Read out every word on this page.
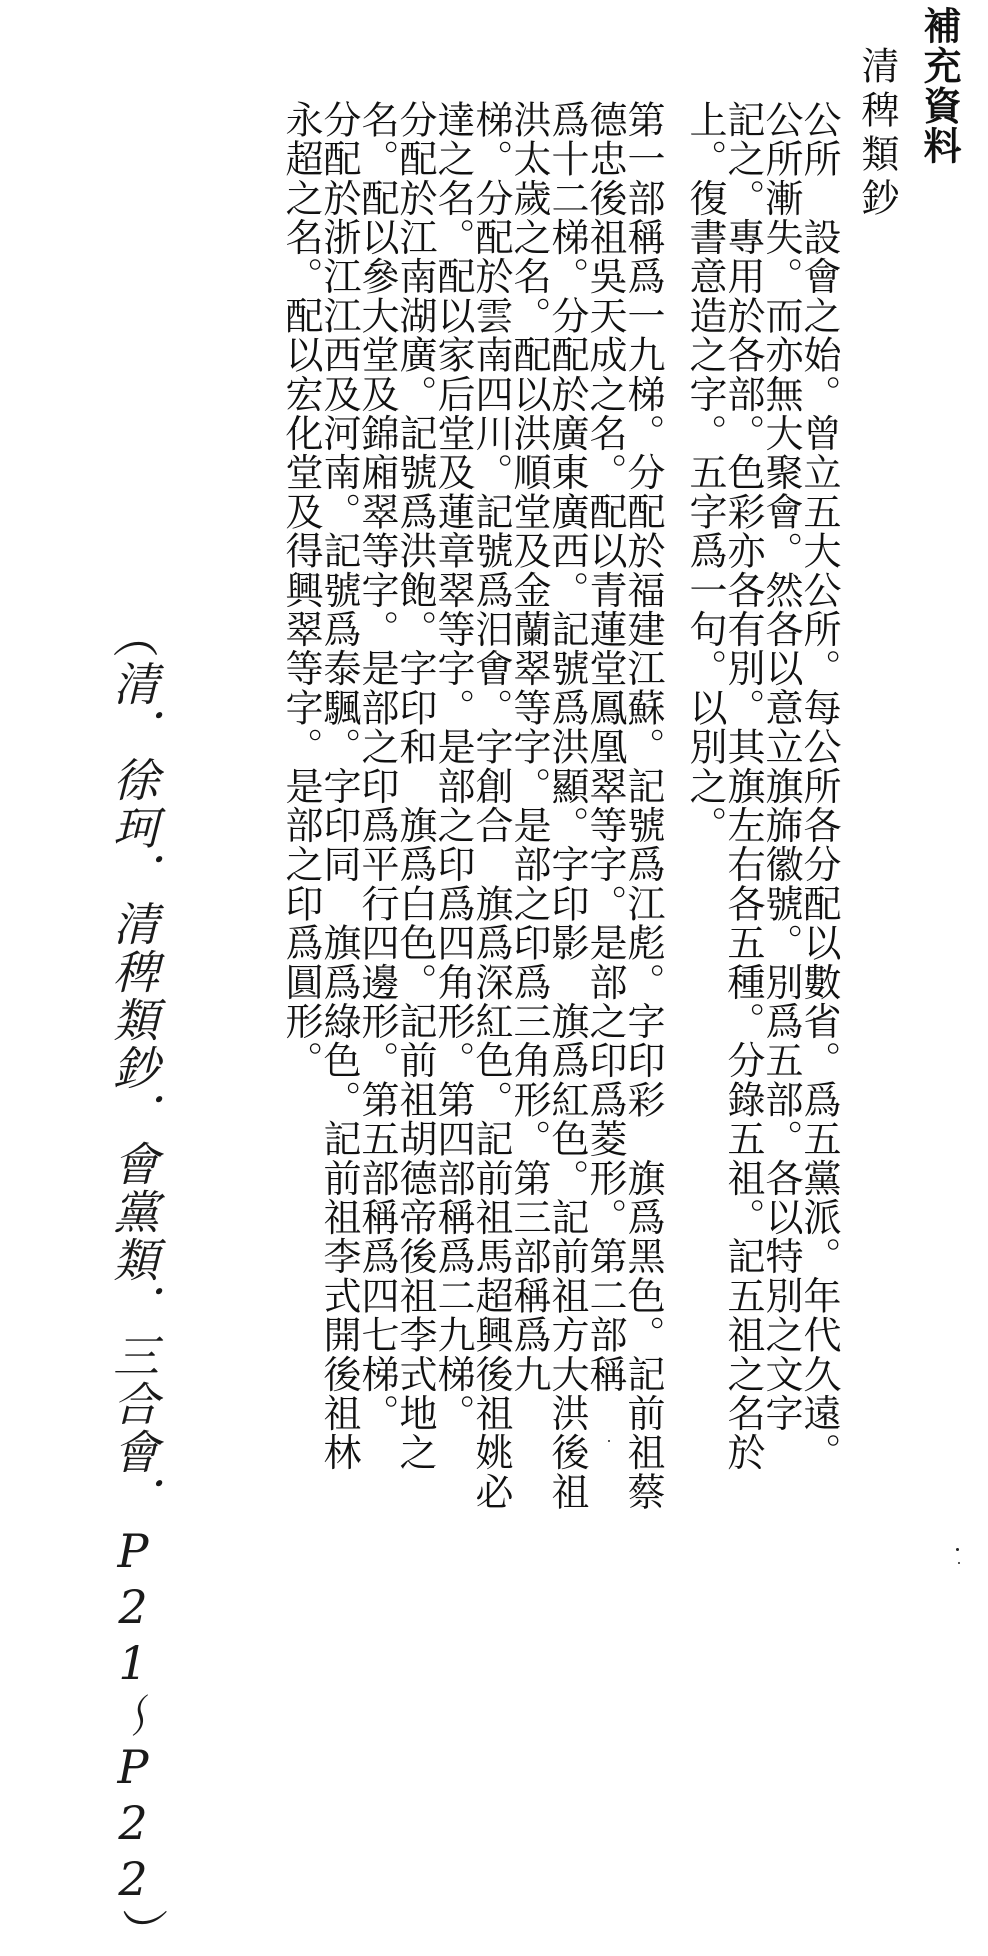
補充資料

清稗類鈔

公所　設會之始。曾立五大公所。每公所各分配以數省。爲五黨派。年代久遠。

公所漸失。而亦無大聚會。然各以意立旗旆徽號。別爲五部。各以特別之文字

記之。專用於各部。色彩亦各有別。其旗左右各五種。分錄五祖。記五祖之名於

上。復書意造之字。五字爲一句。以別之。

第一部稱爲一九梯。分配於福建江蘇。記號爲江彪。字印彩　旗爲黑色。記前祖蔡

德忠後祖吳天成之名。配以青蓮堂鳳凰翠等字。是部之印爲菱形。第二部稱

爲十二梯。分配於廣東廣西。記號爲洪顯。字印影　旗爲紅色。記前祖方大洪後祖

洪太歲之名。配以洪順堂及金蘭翠等字。是部之印爲三角形。第三部稱爲九

梯。分配於雲南四川。記號爲汨㑹。字創合　旗爲深紅色。記前祖馬超興後祖姚必

達之名。配以家后堂及蓮章翠等字。是部之印爲四角形。第四部稱爲二九梯。

分配於江南湖廣。記號爲洪飽。字印和　旗爲白色。記前祖胡德帝後祖李式地之

名。配以參大堂及錦廂翠等字。是部之印爲平行四邊形。第五部稱爲四七梯。

分配於浙江江西及河南。記號爲泰颿。字印同　旗爲綠色。記前祖李式開後祖林

永超之名。配以宏化堂及得興翠等字。是部之印爲圓形。

（清．徐珂．清稗類鈔．會黨類．三合會．P21～P22）
